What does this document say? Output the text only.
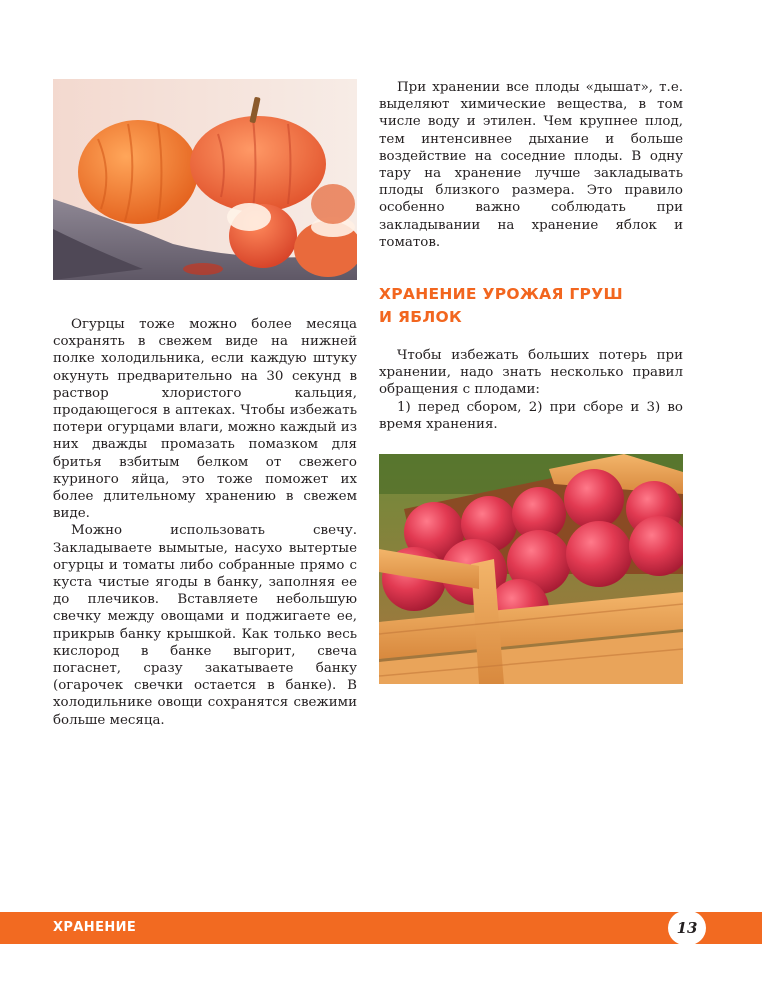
Огурцы тоже можно более месяца сохранять в свежем виде на нижней полке холодильника, если каждую штуку окунуть предварительно на 30 секунд в раствор хлористого кальция, продающегося в аптеках. Чтобы избежать потери огурцами влаги, можно каждый из них дважды промазать помазком для бритья взбитым белком от свежего куриного яйца, это тоже поможет их более длительному хранению в свежем виде.

Можно использовать свечу. Закладываете вымытые, насухо вытертые огурцы и томаты либо собранные прямо с куста чистые ягоды в банку, заполняя ее до плечиков. Вставляете небольшую свечку между овощами и поджигаете ее, прикрыв банку крышкой. Как только весь кислород в банке выгорит, свеча погаснет, сразу закатываете банку (огарочек свечки остается в банке). В холодильнике овощи сохранятся свежими больше месяца.

При хранении все плоды «дышат», т.е. выделяют химические вещества, в том числе воду и этилен. Чем крупнее плод, тем интенсивнее дыхание и больше воздействие на соседние плоды. В одну тару на хранение лучше закладывать плоды близкого размера. Это правило особенно важно соблюдать при закладывании на хранение яблок и томатов.

ХРАНЕНИЕ УРОЖАЯ ГРУШ
И ЯБЛОК

Чтобы избежать больших потерь при хранении, надо знать несколько правил обращения с плодами:

1) перед сбором, 2) при сборе и 3) во время хранения.

ХРАНЕНИЕ	13
